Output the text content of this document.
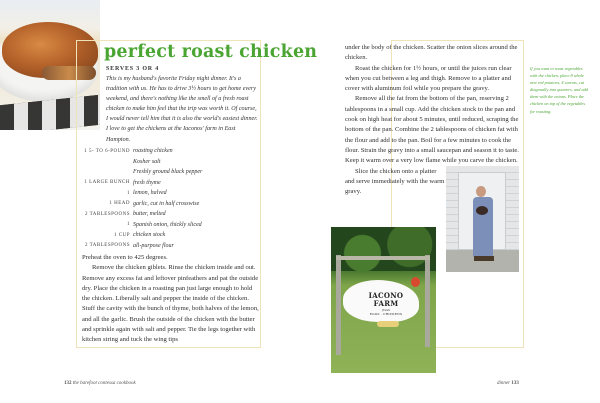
perfect roast chicken
SERVES 3 OR 4

This is my husband's favorite Friday night dinner. It's a tradition with us. He has to drive 3½ hours to get home every weekend, and there's nothing like the smell of a fresh roast chicken to make him feel that the trip was worth it. Of course, I would never tell him that it is also the world's easiest dinner. I love to get the chickens at the Iaconos' farm in East Hampton.

1 5- TO 6-POUND roasting chicken
Kosher salt
Freshly ground black pepper
1 LARGE BUNCH fresh thyme
1 lemon, halved
1 HEAD garlic, cut in half crosswise
2 TABLESPOONS butter, melted
1 Spanish onion, thickly sliced
1 CUP chicken stock
2 TABLESPOONS all-purpose flour

Preheat the oven to 425 degrees.

Remove the chicken giblets. Rinse the chicken inside and out. Remove any excess fat and leftover pinfeathers and pat the outside dry. Place the chicken in a roasting pan just large enough to hold the chicken. Liberally salt and pepper the inside of the chicken. Stuff the cavity with the bunch of thyme, both halves of the lemon, and all the garlic. Brush the outside of the chicken with the butter and sprinkle again with salt and pepper. Tie the legs together with kitchen string and tuck the wing tips

132 the barefoot contessa cookbook

under the body of the chicken. Scatter the onion slices around the chicken.

Roast the chicken for 1½ hours, or until the juices run clear when you cut between a leg and thigh. Remove to a platter and cover with aluminum foil while you prepare the gravy.

Remove all the fat from the bottom of the pan, reserving 2 tablespoons in a small cup. Add the chicken stock to the pan and cook on high heat for about 5 minutes, until reduced, scraping the bottom of the pan. Combine the 2 tablespoons of chicken fat with the flour and add to the pan. Boil for a few minutes to cook the flour. Strain the gravy into a small saucepan and season it to taste. Keep it warm over a very low flame while you carve the chicken.

Slice the chicken onto a platter and serve immediately with the warm gravy.

If you want to roast vegetables with the chicken, place 8 whole new red potatoes, 4 carrots, cut diagonally into quarters, and add them with the onions. Place the chicken on top of the vegetables for roasting.

IACONO
FARM
fresh
EGGS · CHICKENS
dinner 133
